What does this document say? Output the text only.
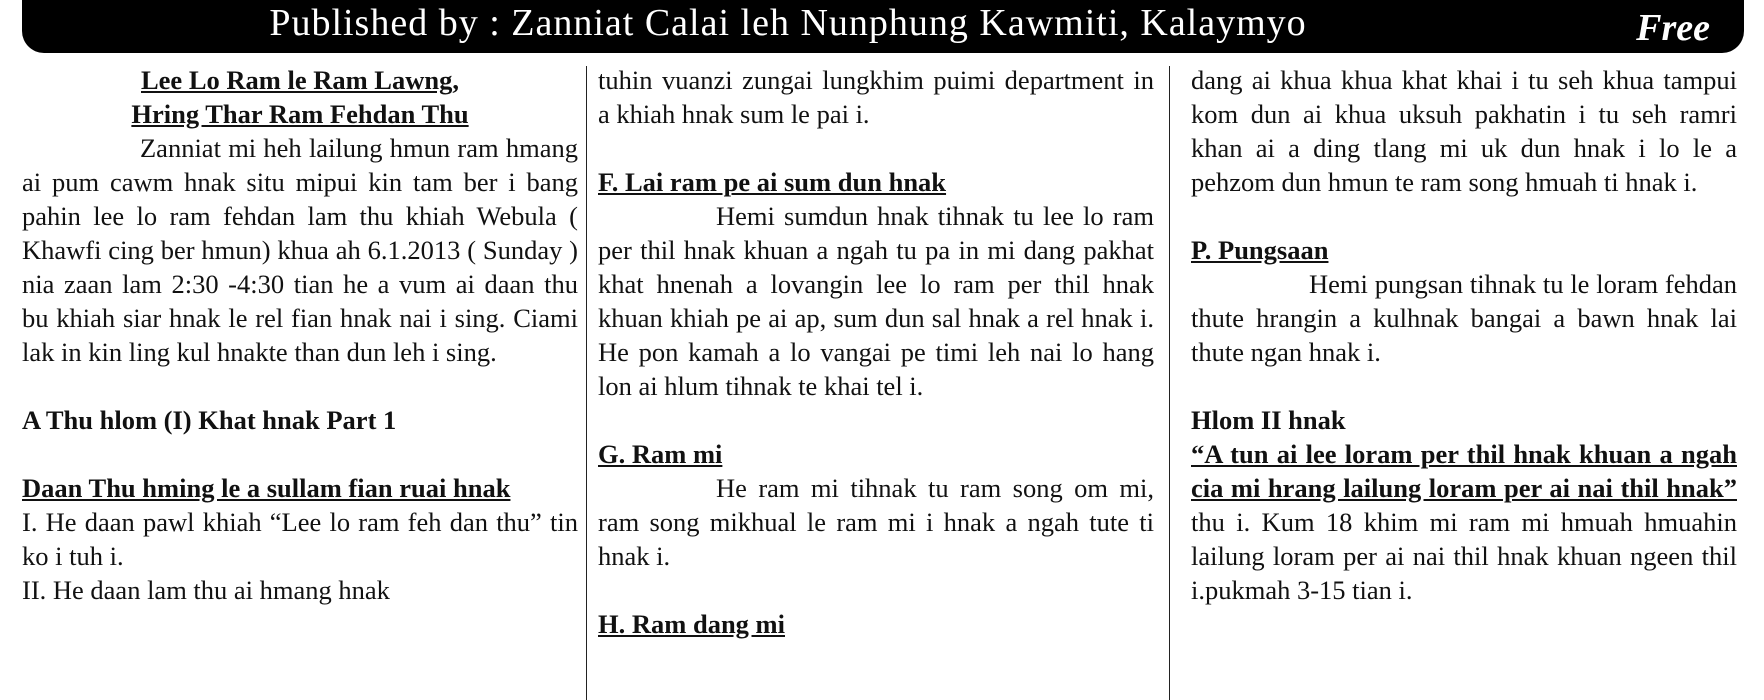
Published by : Zanniat Calai leh Nunphung Kawmiti, Kalaymyo	Free
Lee Lo Ram le Ram Lawng,
Hring Thar Ram Fehdan Thu

Zanniat mi heh lailung hmun ram hmang ai pum cawm hnak situ mipui kin tam ber i bang pahin lee lo ram fehdan lam thu khiah Webula ( Khawfi cing ber hmun) khua ah 6.1.2013 ( Sunday ) nia zaan lam 2:30 -4:30 tian he a vum ai daan thu bu khiah siar hnak le rel fian hnak nai i sing. Ciami lak in kin ling kul hnakte than dun leh i sing.

A Thu hlom (I) Khat hnak Part 1
Daan Thu hming le a sullam fian ruai hnak

I. He daan pawl khiah “Lee lo ram feh dan thu” tin ko i tuh i.

II. He daan lam thu ai hmang hnak

tuhin vuanzi zungai lungkhim puimi department in a khiah hnak sum le pai i.

F. Lai ram pe ai sum dun hnak

Hemi sumdun hnak tihnak tu lee lo ram per thil hnak khuan a ngah tu pa in mi dang pakhat khat hnenah a lovangin lee lo ram per thil hnak khuan khiah pe ai ap, sum dun sal hnak a rel hnak i. He pon kamah a lo vangai pe timi leh nai lo hang lon ai hlum tihnak te khai tel i.

G. Ram mi

He ram mi tihnak tu ram song om mi, ram song mikhual le ram mi i hnak a ngah tute ti hnak i.

H. Ram dang mi

dang ai khua khua khat khai i tu seh khua tampui kom dun ai khua uksuh pakhatin i tu seh ramri khan ai a ding tlang mi uk dun hnak i lo le a pehzom dun hmun te ram song hmuah ti hnak i.

P. Pungsaan

Hemi pungsan tihnak tu le loram fehdan thute hrangin a kulhnak bangai a bawn hnak lai thute ngan hnak i.

Hlom II hnak

“A tun ai lee loram per thil hnak khuan a ngah cia mi hrang lailung loram per ai nai thil hnak” thu i. Kum 18 khim mi ram mi hmuah hmuahin lailung loram per ai nai thil hnak khuan ngeen thil i.pukmah 3-15 tian i.
